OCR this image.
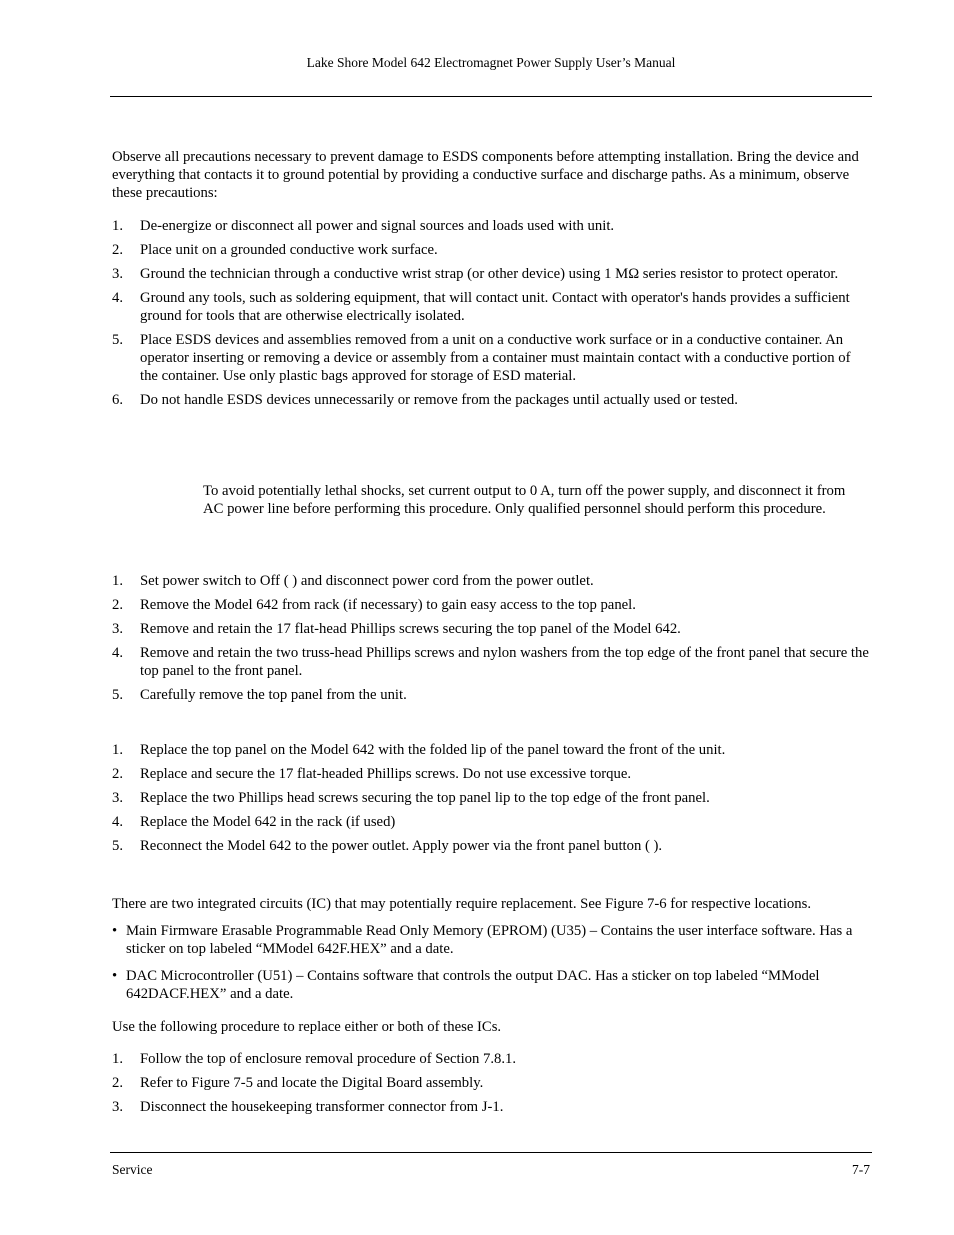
Lake Shore Model 642 Electromagnet Power Supply User’s Manual

Observe all precautions necessary to prevent damage to ESDS components before attempting installation. Bring the device and everything that contacts it to ground potential by providing a conductive surface and discharge paths. As a minimum, observe these precautions:

1. De-energize or disconnect all power and signal sources and loads used with unit.
2. Place unit on a grounded conductive work surface.
3. Ground the technician through a conductive wrist strap (or other device) using 1 MΩ series resistor to protect operator.
4. Ground any tools, such as soldering equipment, that will contact unit. Contact with operator's hands provides a sufficient ground for tools that are otherwise electrically isolated.
5. Place ESDS devices and assemblies removed from a unit on a conductive work surface or in a conductive container. An operator inserting or removing a device or assembly from a container must maintain contact with a conductive portion of the container. Use only plastic bags approved for storage of ESD material.
6. Do not handle ESDS devices unnecessarily or remove from the packages until actually used or tested.
To avoid potentially lethal shocks, set current output to 0 A, turn off the power supply, and disconnect it from AC power line before performing this procedure. Only qualified personnel should perform this procedure.
1. Set power switch to Off ( ) and disconnect power cord from the power outlet.
2. Remove the Model 642 from rack (if necessary) to gain easy access to the top panel.
3. Remove and retain the 17 flat-head Phillips screws securing the top panel of the Model 642.
4. Remove and retain the two truss-head Phillips screws and nylon washers from the top edge of the front panel that secure the top panel to the front panel.
5. Carefully remove the top panel from the unit.
1. Replace the top panel on the Model 642 with the folded lip of the panel toward the front of the unit.
2. Replace and secure the 17 flat-headed Phillips screws. Do not use excessive torque.
3. Replace the two Phillips head screws securing the top panel lip to the top edge of the front panel.
4. Replace the Model 642 in the rack (if used)
5. Reconnect the Model 642 to the power outlet. Apply power via the front panel button ( ).

There are two integrated circuits (IC) that may potentially require replacement. See Figure 7-6 for respective locations.

• Main Firmware Erasable Programmable Read Only Memory (EPROM) (U35) – Contains the user interface software. Has a sticker on top labeled “MModel 642F.HEX” and a date.
• DAC Microcontroller (U51) – Contains software that controls the output DAC. Has a sticker on top labeled “MModel 642DACF.HEX” and a date.

Use the following procedure to replace either or both of these ICs.

1. Follow the top of enclosure removal procedure of Section 7.8.1.
2. Refer to Figure 7-5 and locate the Digital Board assembly.
3. Disconnect the housekeeping transformer connector from J-1.
Service	7-7
